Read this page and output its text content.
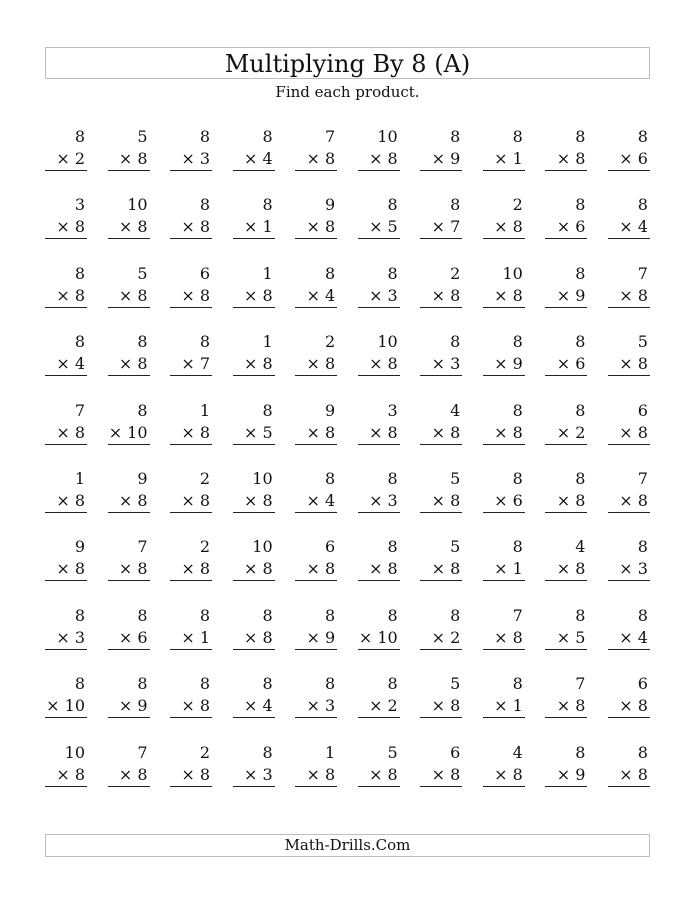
Multiplying By 8 (A)
Find each product.
8
× 2
5
× 8
8
× 3
8
× 4
7
× 8
10
× 8
8
× 9
8
× 1
8
× 8
8
× 6
3
× 8
10
× 8
8
× 8
8
× 1
9
× 8
8
× 5
8
× 7
2
× 8
8
× 6
8
× 4
8
× 8
5
× 8
6
× 8
1
× 8
8
× 4
8
× 3
2
× 8
10
× 8
8
× 9
7
× 8
8
× 4
8
× 8
8
× 7
1
× 8
2
× 8
10
× 8
8
× 3
8
× 9
8
× 6
5
× 8
7
× 8
8
× 10
1
× 8
8
× 5
9
× 8
3
× 8
4
× 8
8
× 8
8
× 2
6
× 8
1
× 8
9
× 8
2
× 8
10
× 8
8
× 4
8
× 3
5
× 8
8
× 6
8
× 8
7
× 8
9
× 8
7
× 8
2
× 8
10
× 8
6
× 8
8
× 8
5
× 8
8
× 1
4
× 8
8
× 3
8
× 3
8
× 6
8
× 1
8
× 8
8
× 9
8
× 10
8
× 2
7
× 8
8
× 5
8
× 4
8
× 10
8
× 9
8
× 8
8
× 4
8
× 3
8
× 2
5
× 8
8
× 1
7
× 8
6
× 8
10
× 8
7
× 8
2
× 8
8
× 3
1
× 8
5
× 8
6
× 8
4
× 8
8
× 9
8
× 8
Math-Drills.Com
